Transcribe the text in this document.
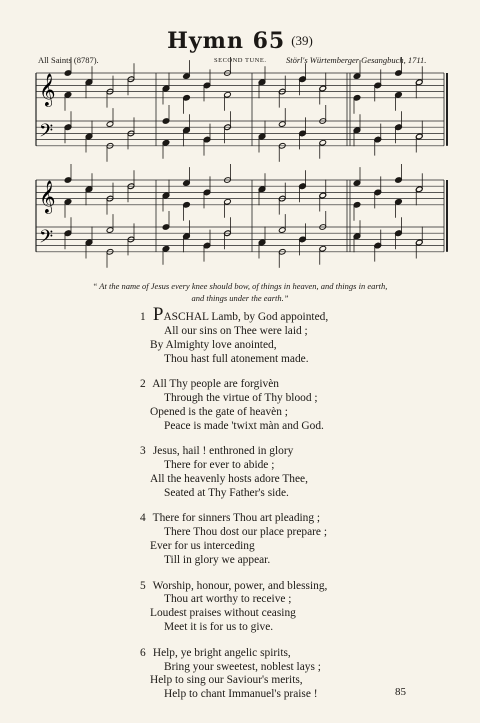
Hymn 65 (39)
All Saints (8787).	SECOND TUNE. Störl's Würtemberger Gesangbuch, 1711.
𝄞
𝄢
𝄞
𝄢
“ At the name of Jesus every knee should bow, of things in heaven, and things in earth,
and things under the earth.”
1 PASCHAL Lamb, by God appointed,
All our sins on Thee were laid ;
By Almighty love anointed,
Thou hast full atonement made.
2 All Thy people are forgivèn
Through the virtue of Thy blood ;
Opened is the gate of heavèn ;
Peace is made 'twixt màn and God.
3 Jesus, hail ! enthroned in glory
There for ever to abide ;
All the heavenly hosts adore Thee,
Seated at Thy Father's side.
4 There for sinners Thou art pleading ;
There Thou dost our place prepare ;
Ever for us interceding
Till in glory we appear.
5 Worship, honour, power, and blessing,
Thou art worthy to receive ;
Loudest praises without ceasing
Meet it is for us to give.
6 Help, ye bright angelic spirits,
Bring your sweetest, noblest lays ;
Help to sing our Saviour's merits,
Help to chant Immanuel's praise !	85
